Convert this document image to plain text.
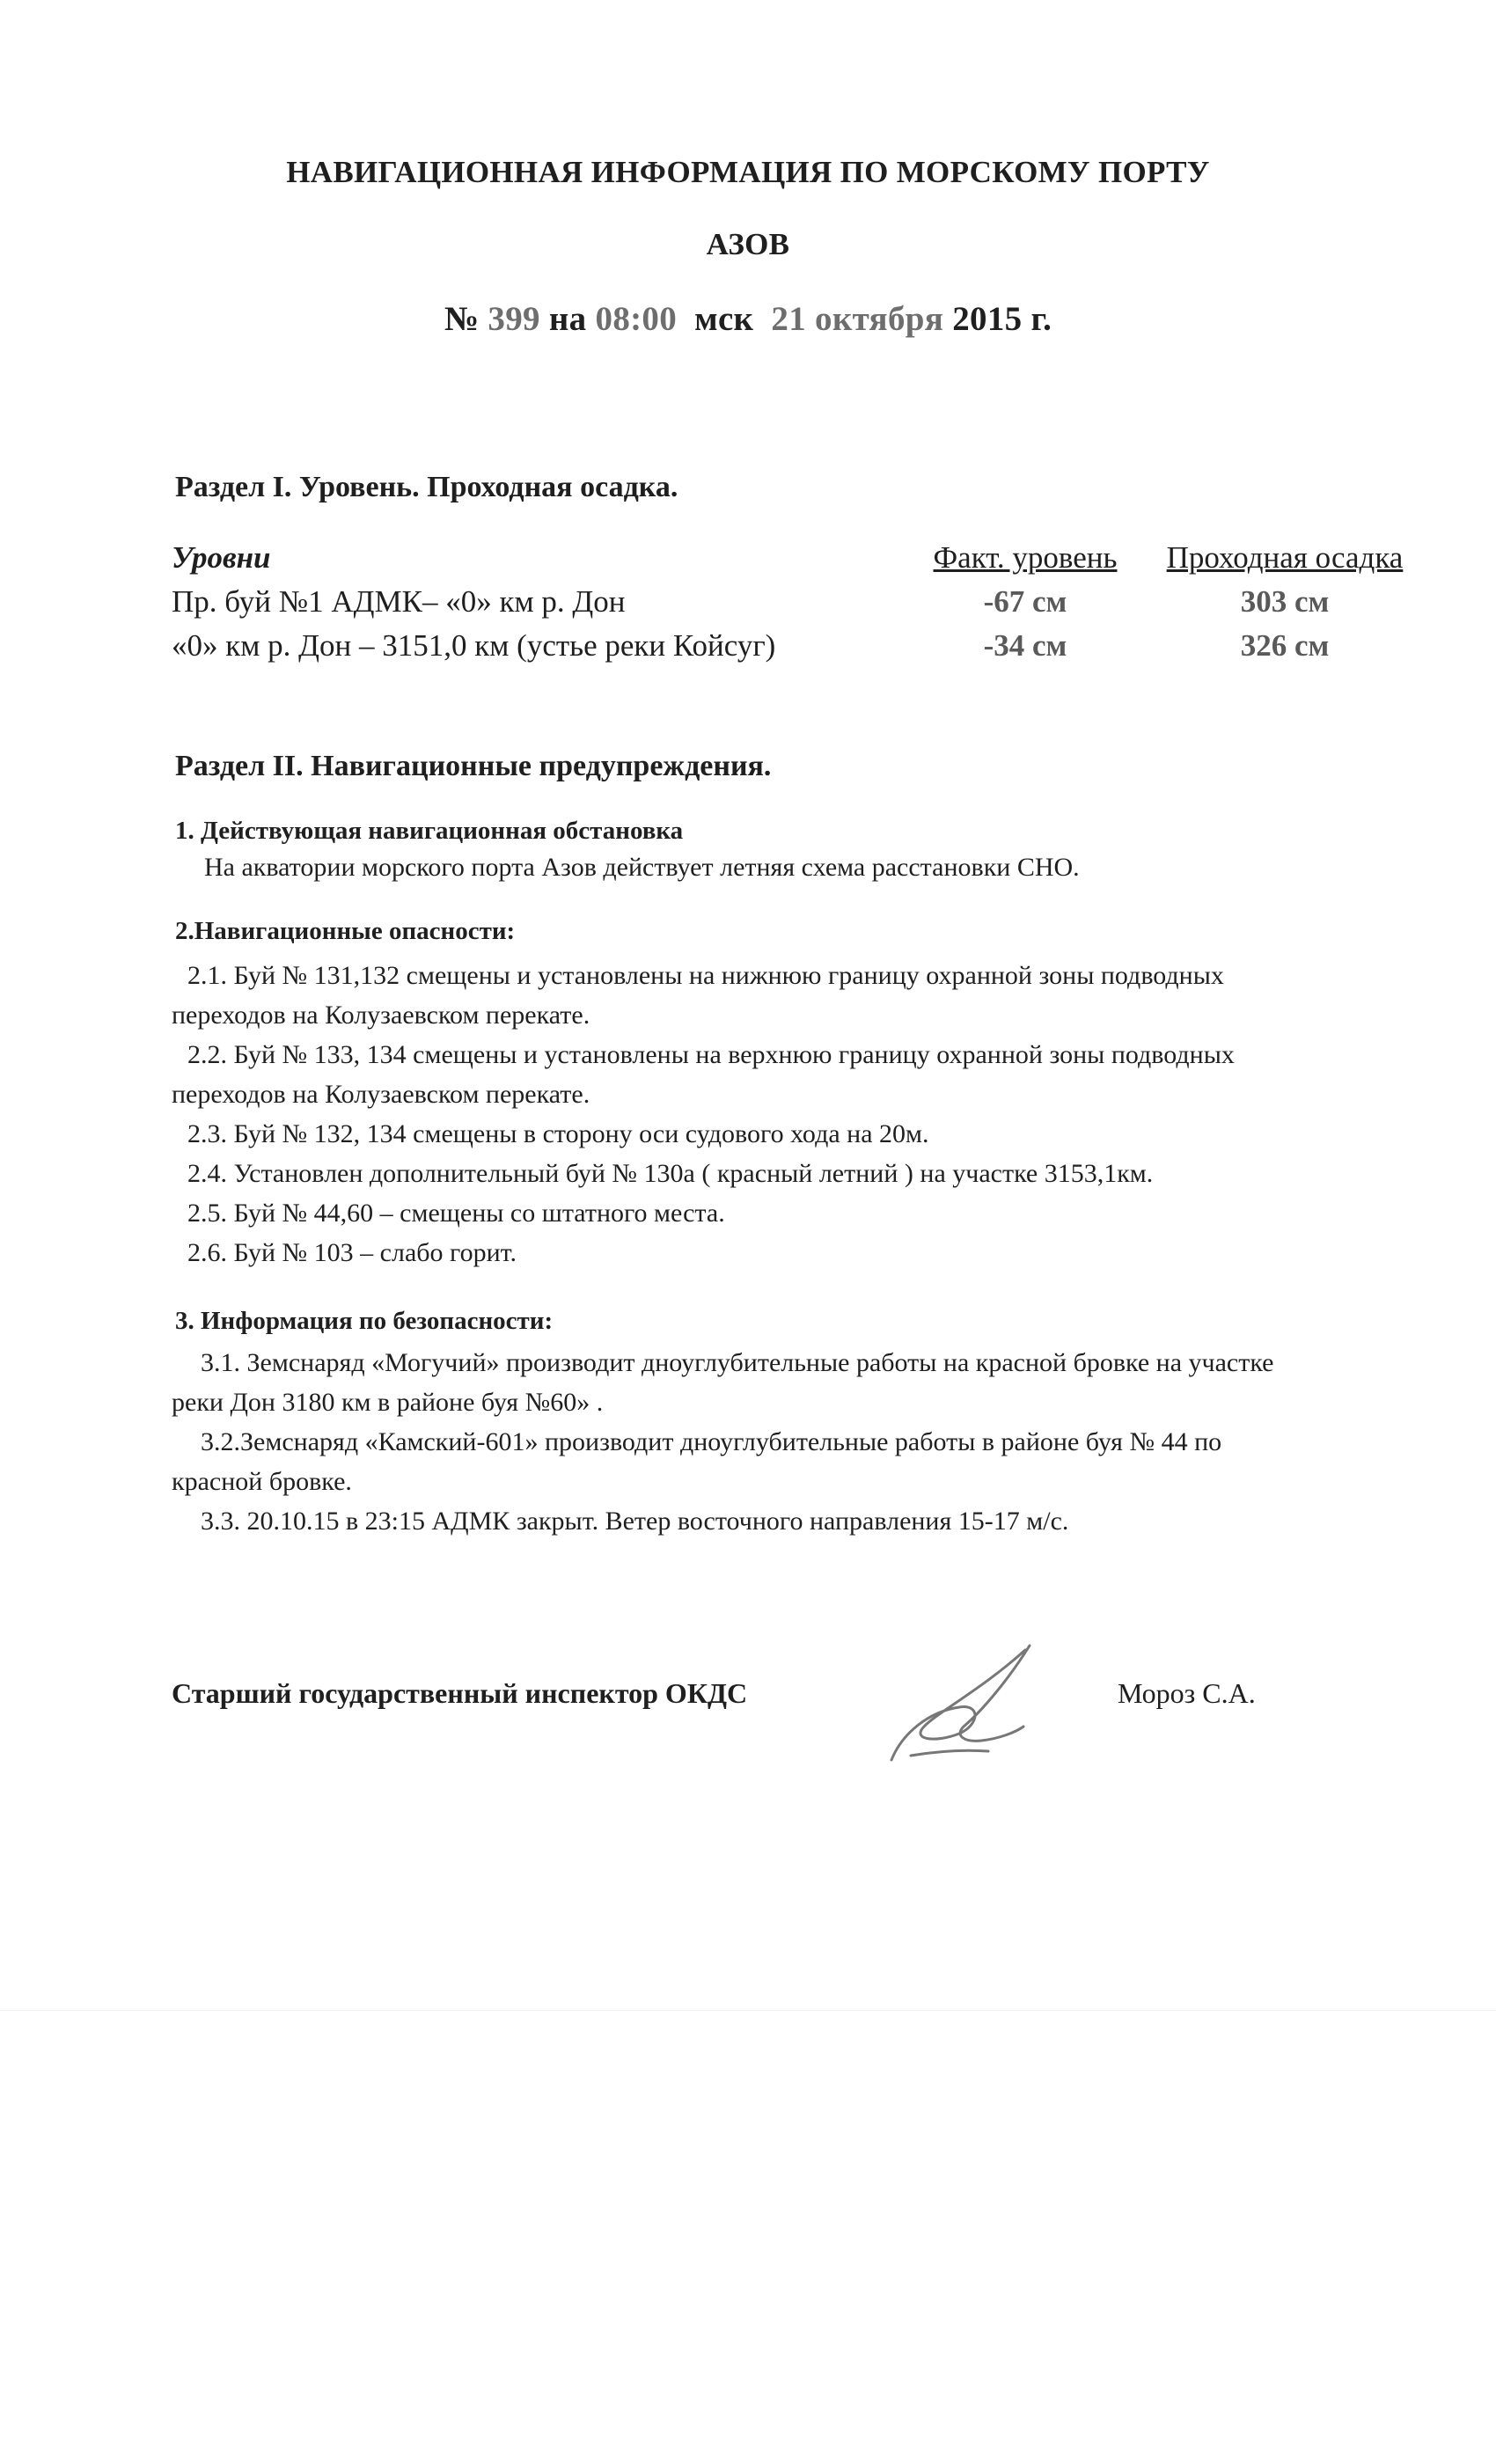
НАВИГАЦИОННАЯ ИНФОРМАЦИЯ ПО МОРСКОМУ ПОРТУ
АЗОВ
№ 399 на 08:00 мск 21 октября 2015 г.
Раздел I. Уровень. Проходная осадка.
Уровни	Факт. уровень	Проходная осадка
Пр. буй №1 АДМК– «0» км р. Дон	-67 см	303 см
«0» км р. Дон – 3151,0 км (устье реки Койсуг)	-34 см	326 см
Раздел II. Навигационные предупреждения.
1. Действующая навигационная обстановка
На акватории морского порта Азов действует летняя схема расстановки СНО.
2.Навигационные опасности:
2.1. Буй № 131,132 смещены и установлены на нижнюю границу охранной зоны подводных
переходов на Колузаевском перекате.
2.2. Буй № 133, 134 смещены и установлены на верхнюю границу охранной зоны подводных
переходов на Колузаевском перекате.
2.3. Буй № 132, 134 смещены в сторону оси судового хода на 20м.
2.4. Установлен дополнительный буй № 130а ( красный летний ) на участке 3153,1км.
2.5. Буй № 44,60 – смещены со штатного места.
2.6. Буй № 103 – слабо горит.
3. Информация по безопасности:
3.1. Земснаряд «Могучий» производит дноуглубительные работы на красной бровке на участке
реки Дон 3180 км в районе буя №60» .
3.2.Земснаряд «Камский-601» производит дноуглубительные работы в районе буя № 44 по
красной бровке.
3.3. 20.10.15 в 23:15 АДМК закрыт. Ветер восточного направления 15-17 м/с.
Старший государственный инспектор ОКДС	Мороз С.А.
